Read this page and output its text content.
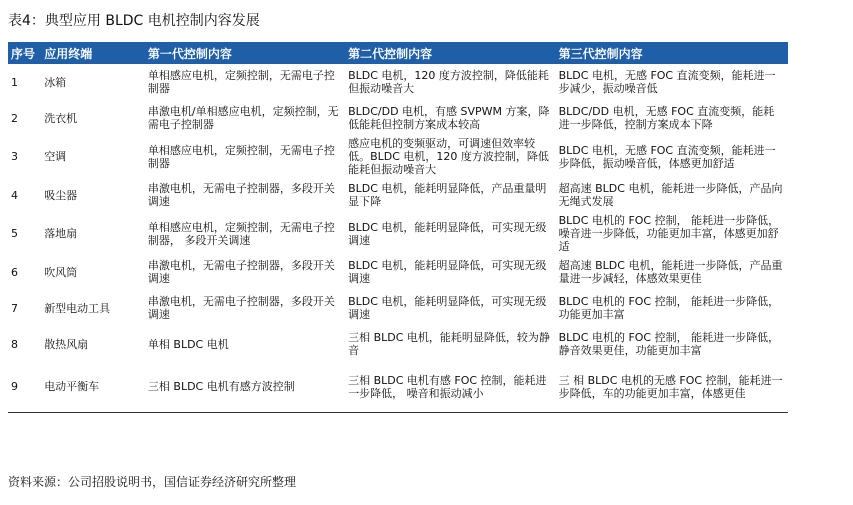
表4：典型应用 BLDC 电机控制内容发展
序号	应用终端	第一代控制内容	第二代控制内容	第三代控制内容
1	冰箱	单相感应电机，定频控制，无需电子控制器	BLDC 电机，120 度方波控制，降低能耗但振动噪音大	BLDC 电机，无感 FOC 直流变频，能耗进一步减少，振动噪音低
2	洗衣机	串激电机/单相感应电机，定频控制，无需电子控制器	BLDC/DD 电机，有感 SVPWM 方案，降低能耗但控制方案成本较高	BLDC/DD 电机，无感 FOC 直流变频，能耗进一步降低，控制方案成本下降
3	空调	单相感应电机，定频控制，无需电子控制器	感应电机的变频驱动，可调速但效率较低。BLDC 电机，120 度方波控制，降低能耗但振动噪音大	BLDC 电机，无感 FOC 直流变频，能耗进一步降低，振动噪音低，体感更加舒适
4	吸尘器	串激电机，无需电子控制器，多段开关调速	BLDC 电机，能耗明显降低，产品重量明显下降	超高速 BLDC 电机，能耗进一步降低，产品向无绳式发展
5	落地扇	单相感应电机，定频控制，无需电子控制器， 多段开关调速	BLDC 电机，能耗明显降低，可实现无级调速	BLDC 电机的 FOC 控制， 能耗进一步降低，噪音进一步降低，功能更加丰富，体感更加舒适
6	吹风筒	串激电机，无需电子控制器，多段开关调速	BLDC 电机，能耗明显降低，可实现无级调速	超高速 BLDC 电机，能耗进一步降低，产品重量进一步减轻，体感效果更佳
7	新型电动工具	串激电机，无需电子控制器，多段开关调速	BLDC 电机，能耗明显降低，可实现无级调速	BLDC 电机的 FOC 控制， 能耗进一步降低，功能更加丰富
8	散热风扇	单相 BLDC 电机	三相 BLDC 电机，能耗明显降低，较为静音	BLDC 电机的 FOC 控制， 能耗进一步降低，静音效果更佳，功能更加丰富
9	电动平衡车	三相 BLDC 电机有感方波控制	三相 BLDC 电机有感 FOC 控制，能耗进一步降低， 噪音和振动减小	三 相 BLDC 电机的无感 FOC 控制，能耗进一步降低，车的功能更加丰富，体感更佳
资料来源：公司招股说明书，国信证券经济研究所整理
